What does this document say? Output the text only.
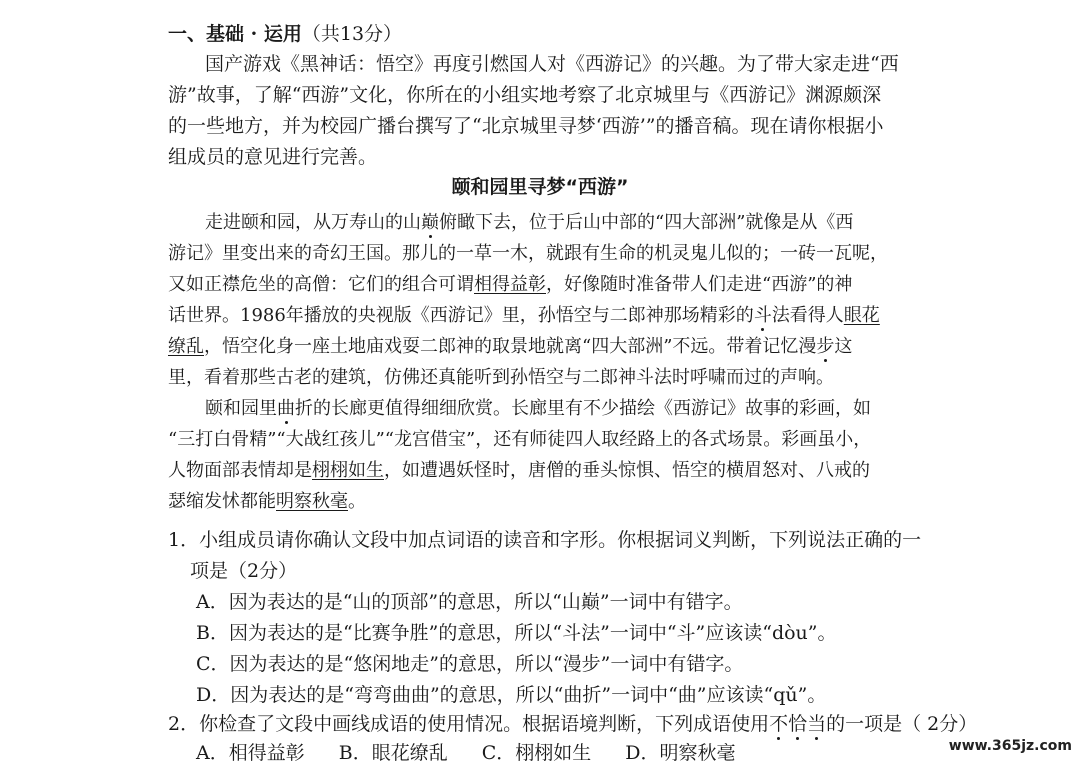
一、基础 · 运用（共13分）
国产游戏《黑神话：悟空》再度引燃国人对《西游记》的兴趣。为了带大家走进“西
游”故事，了解“西游”文化，你所在的小组实地考察了北京城里与《西游记》渊源颇深
的一些地方，并为校园广播台撰写了“北京城里寻梦‘西游’”的播音稿。现在请你根据小
组成员的意见进行完善。
颐和园里寻梦“西游”
走进颐和园，从万寿山的山巅俯瞰下去，位于后山中部的“四大部洲”就像是从《西
游记》里变出来的奇幻王国。那儿的一草一木，就跟有生命的机灵鬼儿似的；一砖一瓦呢，
又如正襟危坐的高僧：它们的组合可谓相得益彰，好像随时准备带人们走进“西游”的神
话世界。1986年播放的央视版《西游记》里，孙悟空与二郎神那场精彩的斗法看得人眼花
缭乱，悟空化身一座土地庙戏耍二郎神的取景地就离“四大部洲”不远。带着记忆漫步这
里，看着那些古老的建筑，仿佛还真能听到孙悟空与二郎神斗法时呼啸而过的声响。
颐和园里曲折的长廊更值得细细欣赏。长廊里有不少描绘《西游记》故事的彩画，如
“三打白骨精”“大战红孩儿”“龙宫借宝”，还有师徒四人取经路上的各式场景。彩画虽小，
人物面部表情却是栩栩如生，如遭遇妖怪时，唐僧的垂头惊惧、悟空的横眉怒对、八戒的
瑟缩发怵都能明察秋毫。
1．小组成员请你确认文段中加点词语的读音和字形。你根据词义判断，下列说法正确的一
项是（2分）
A．因为表达的是“山的顶部”的意思，所以“山巅”一词中有错字。
B．因为表达的是“比赛争胜”的意思，所以“斗法”一词中“斗”应该读“dòu”。
C．因为表达的是“悠闲地走”的意思，所以“漫步”一词中有错字。
D．因为表达的是“弯弯曲曲”的意思，所以“曲折”一词中“曲”应该读“qǔ”。
2．你检查了文段中画线成语的使用情况。根据语境判断，下列成语使用不恰当的一项是（ 2分）
A．相得益彰 B．眼花缭乱 C．栩栩如生 D．明察秋毫	www.365jz.com
